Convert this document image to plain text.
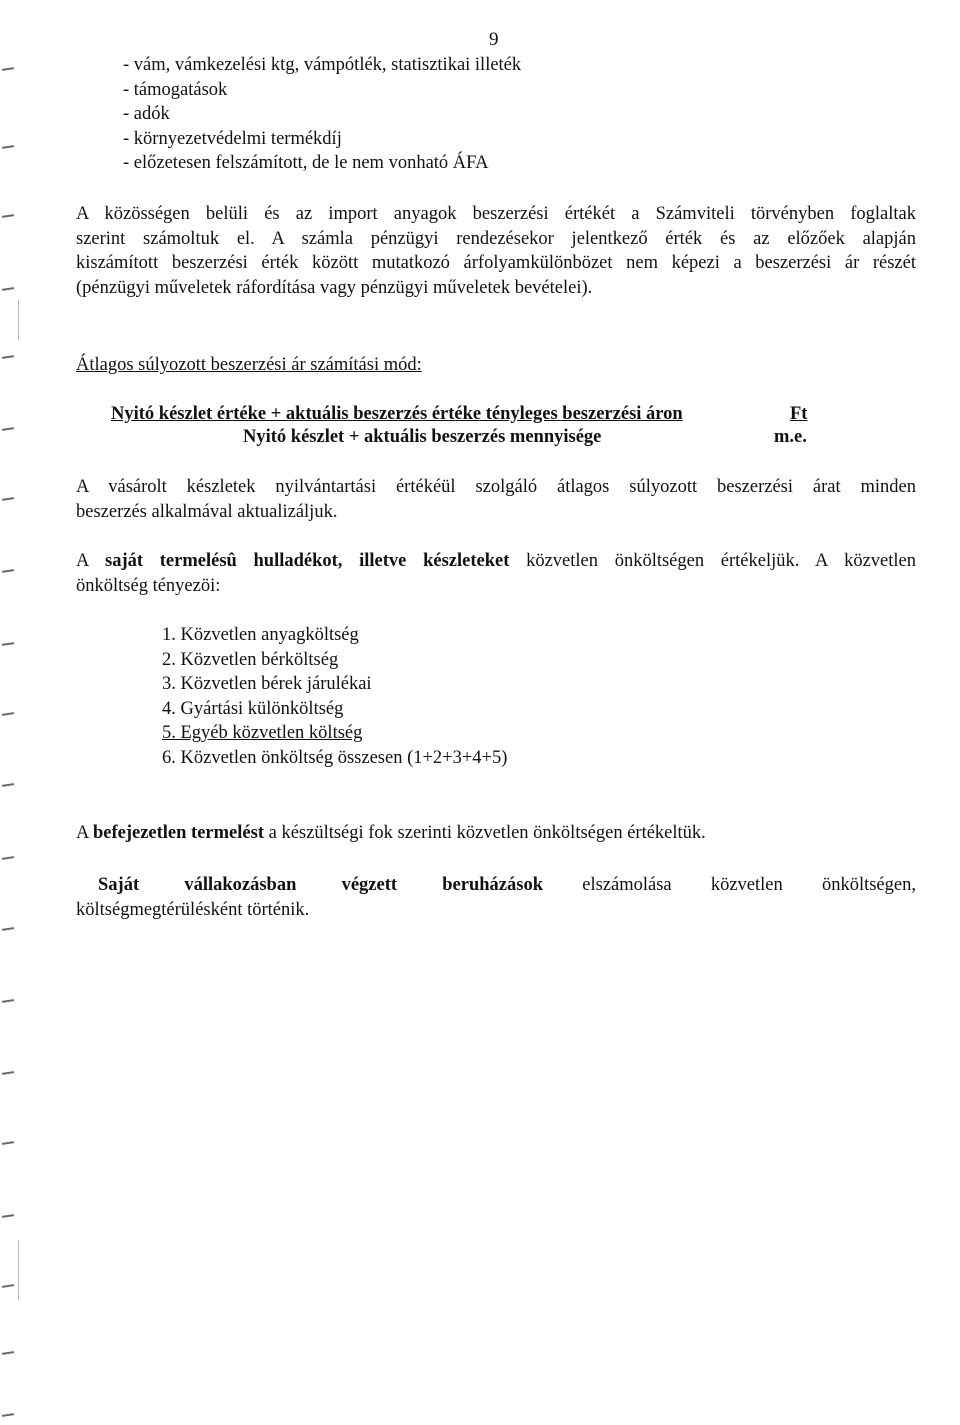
9
- vám, vámkezelési ktg, vámpótlék, statisztikai illeték
- támogatások
- adók
- környezetvédelmi termékdíj
- előzetesen felszámított, de le nem vonható ÁFA
A közösségen belüli és az import anyagok beszerzési értékét a Számviteli törvényben foglaltak
szerint számoltuk el. A számla pénzügyi rendezésekor jelentkező érték és az előzőek alapján
kiszámított beszerzési érték között mutatkozó árfolyamkülönbözet nem képezi a beszerzési ár részét
(pénzügyi műveletek ráfordítása vagy pénzügyi műveletek bevételei).
Átlagos súlyozott beszerzési ár számítási mód:
Nyitó készlet értéke + aktuális beszerzés értéke tényleges beszerzési áron	Ft
Nyitó készlet + aktuális beszerzés mennyisége	m.e.
A vásárolt készletek nyilvántartási értékéül szolgáló átlagos súlyozott beszerzési árat minden
beszerzés alkalmával aktualizáljuk.
A saját termelésû hulladékot, illetve készleteket közvetlen önköltségen értékeljük. A közvetlen
önköltség tényezöi:
1. Közvetlen anyagköltség
2. Közvetlen bérköltség
3. Közvetlen bérek járulékai
4. Gyártási különköltség
5. Egyéb közvetlen költség
6. Közvetlen önköltség összesen (1+2+3+4+5)
A befejezetlen termelést a készültségi fok szerinti közvetlen önköltségen értékeltük.
Saját vállakozásban végzett beruházások elszámolása közvetlen önköltségen,
költségmegtérülésként történik.
